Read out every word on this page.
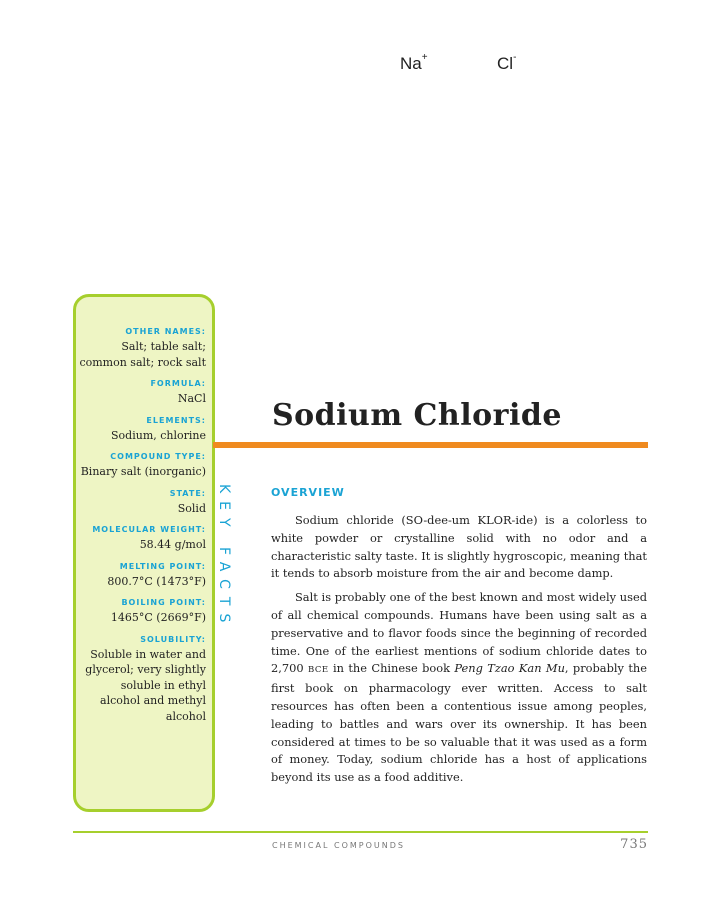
Na+	Cl-
OTHER NAMES:
Salt; table salt; common salt; rock salt
FORMULA:
NaCl
ELEMENTS:
Sodium, chlorine
COMPOUND TYPE:
Binary salt (inorganic)
STATE:
Solid
MOLECULAR WEIGHT:
58.44 g/mol
MELTING POINT:
800.7°C (1473°F)
BOILING POINT:
1465°C (2669°F)
SOLUBILITY:
Soluble in water and glycerol; very slightly soluble in ethyl alcohol and methyl alcohol
KEY FACTS
Sodium Chloride
OVERVIEW

Sodium chloride (SO-dee-um KLOR-ide) is a colorless to white powder or crystalline solid with no odor and a characteristic salty taste. It is slightly hygroscopic, meaning that it tends to absorb moisture from the air and become damp.

Salt is probably one of the best known and most widely used of all chemical compounds. Humans have been using salt as a preservative and to flavor foods since the beginning of recorded time. One of the earliest mentions of sodium chloride dates to 2,700 BCE in the Chinese book Peng Tzao Kan Mu, probably the first book on pharmacology ever written. Access to salt resources has often been a contentious issue among peoples, leading to battles and wars over its ownership. It has been considered at times to be so valuable that it was used as a form of money. Today, sodium chloride has a host of applications beyond its use as a food additive.

CHEMICAL COMPOUNDS	735
